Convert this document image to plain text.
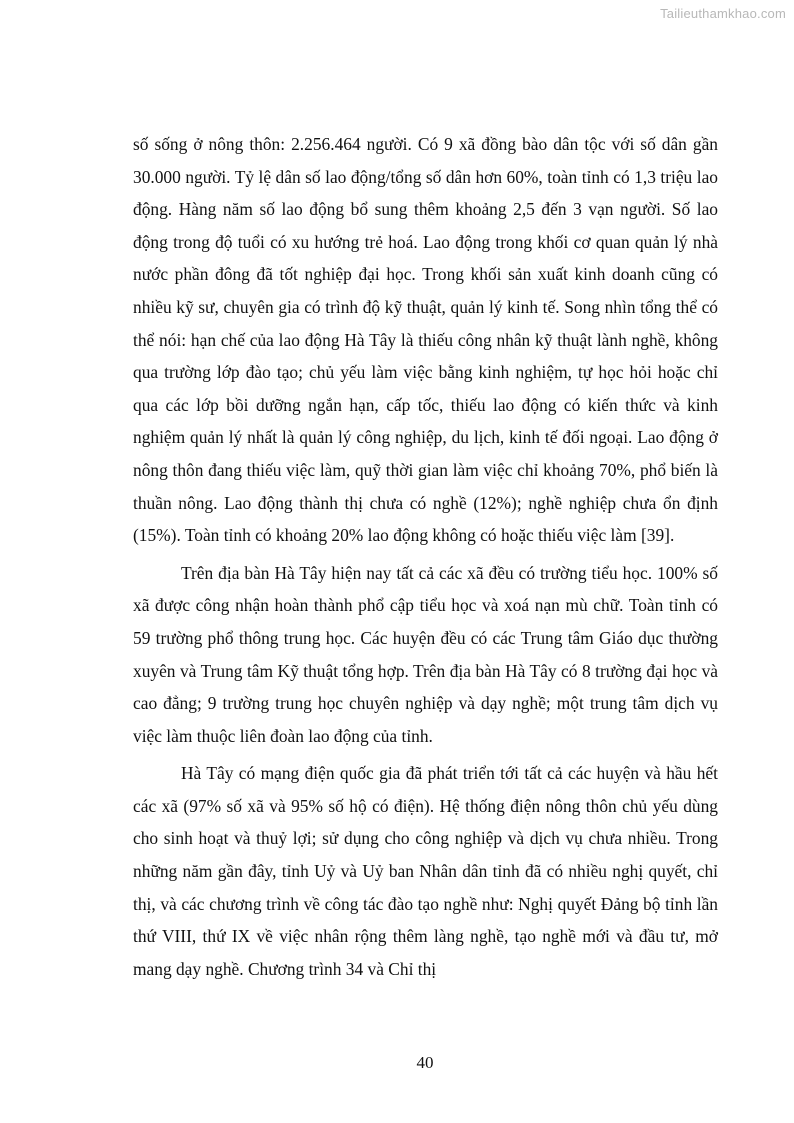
Tailieuthamkhao.com

số sống ở nông thôn: 2.256.464 người. Có 9 xã đồng bào dân tộc với số dân gần 30.000 người. Tỷ lệ dân số lao động/tổng số dân hơn 60%, toàn tỉnh có 1,3 triệu lao động. Hàng năm số lao động bổ sung thêm khoảng 2,5 đến 3 vạn người. Số lao động trong độ tuổi có xu hướng trẻ hoá. Lao động trong khối cơ quan quản lý nhà nước phần đông đã tốt nghiệp đại học. Trong khối sản xuất kinh doanh cũng có nhiều kỹ sư, chuyên gia có trình độ kỹ thuật, quản lý kinh tế. Song nhìn tổng thể có thể nói: hạn chế của lao động Hà Tây là thiếu công nhân kỹ thuật lành nghề, không qua trường lớp đào tạo; chủ yếu làm việc bằng kinh nghiệm, tự học hỏi hoặc chỉ qua các lớp bồi dưỡng ngắn hạn, cấp tốc, thiếu lao động có kiến thức và kinh nghiệm quản lý nhất là quản lý công nghiệp, du lịch, kinh tế đối ngoại. Lao động ở nông thôn đang thiếu việc làm, quỹ thời gian làm việc chỉ khoảng 70%, phổ biến là thuần nông. Lao động thành thị chưa có nghề (12%); nghề nghiệp chưa ổn định (15%). Toàn tỉnh có khoảng 20% lao động không có hoặc thiếu việc làm [39].

Trên địa bàn Hà Tây hiện nay tất cả các xã đều có trường tiểu học. 100% số xã được công nhận hoàn thành phổ cập tiểu học và xoá nạn mù chữ. Toàn tỉnh có 59 trường phổ thông trung học. Các huyện đều có các Trung tâm Giáo dục thường xuyên và Trung tâm Kỹ thuật tổng hợp. Trên địa bàn Hà Tây có 8 trường đại học và cao đẳng; 9 trường trung học chuyên nghiệp và dạy nghề; một trung tâm dịch vụ việc làm thuộc liên đoàn lao động của tỉnh.

Hà Tây có mạng điện quốc gia đã phát triển tới tất cả các huyện và hầu hết các xã (97% số xã và 95% số hộ có điện). Hệ thống điện nông thôn chủ yếu dùng cho sinh hoạt và thuỷ lợi; sử dụng cho công nghiệp và dịch vụ chưa nhiều. Trong những năm gần đây, tỉnh Uỷ và Uỷ ban Nhân dân tỉnh đã có nhiều nghị quyết, chỉ thị, và các chương trình về công tác đào tạo nghề như: Nghị quyết Đảng bộ tỉnh lần thứ VIII, thứ IX về việc nhân rộng thêm làng nghề, tạo nghề mới và đầu tư, mở mang dạy nghề. Chương trình 34 và Chỉ thị

40
